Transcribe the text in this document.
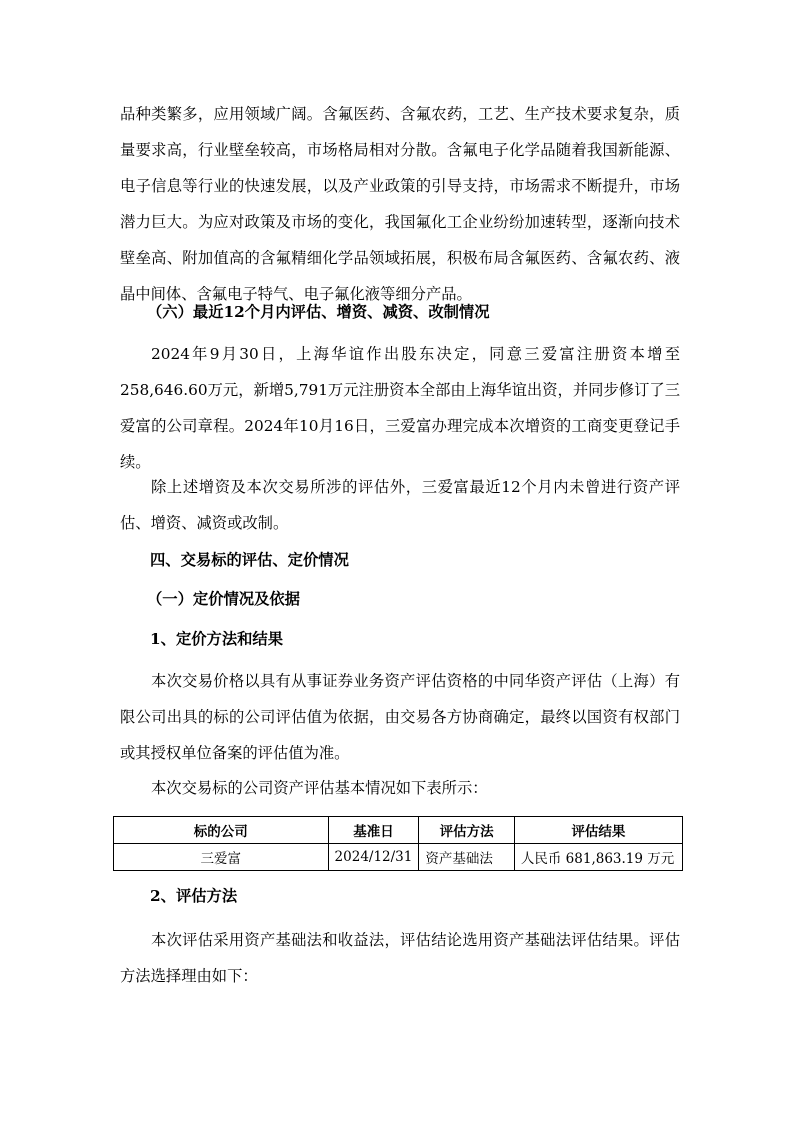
品种类繁多，应用领域广阔。含氟医药、含氟农药，工艺、生产技术要求复杂，质量要求高，行业壁垒较高，市场格局相对分散。含氟电子化学品随着我国新能源、电子信息等行业的快速发展，以及产业政策的引导支持，市场需求不断提升，市场潜力巨大。为应对政策及市场的变化，我国氟化工企业纷纷加速转型，逐渐向技术壁垒高、附加值高的含氟精细化学品领域拓展，积极布局含氟医药、含氟农药、液晶中间体、含氟电子特气、电子氟化液等细分产品。

（六）最近12个月内评估、增资、减资、改制情况

2024年9月30日，上海华谊作出股东决定，同意三爱富注册资本增至258,646.60万元，新增5,791万元注册资本全部由上海华谊出资，并同步修订了三爱富的公司章程。2024年10月16日，三爱富办理完成本次增资的工商变更登记手续。

除上述增资及本次交易所涉的评估外，三爱富最近12个月内未曾进行资产评估、增资、减资或改制。

四、交易标的评估、定价情况

（一）定价情况及依据

1、定价方法和结果

本次交易价格以具有从事证券业务资产评估资格的中同华资产评估（上海）有限公司出具的标的公司评估值为依据，由交易各方协商确定，最终以国资有权部门或其授权单位备案的评估值为准。

本次交易标的公司资产评估基本情况如下表所示：

标的公司	基准日	评估方法	评估结果
三爱富	2024/12/31	资产基础法	人民币 681,863.19 万元

2、评估方法

本次评估采用资产基础法和收益法，评估结论选用资产基础法评估结果。评估方法选择理由如下：
